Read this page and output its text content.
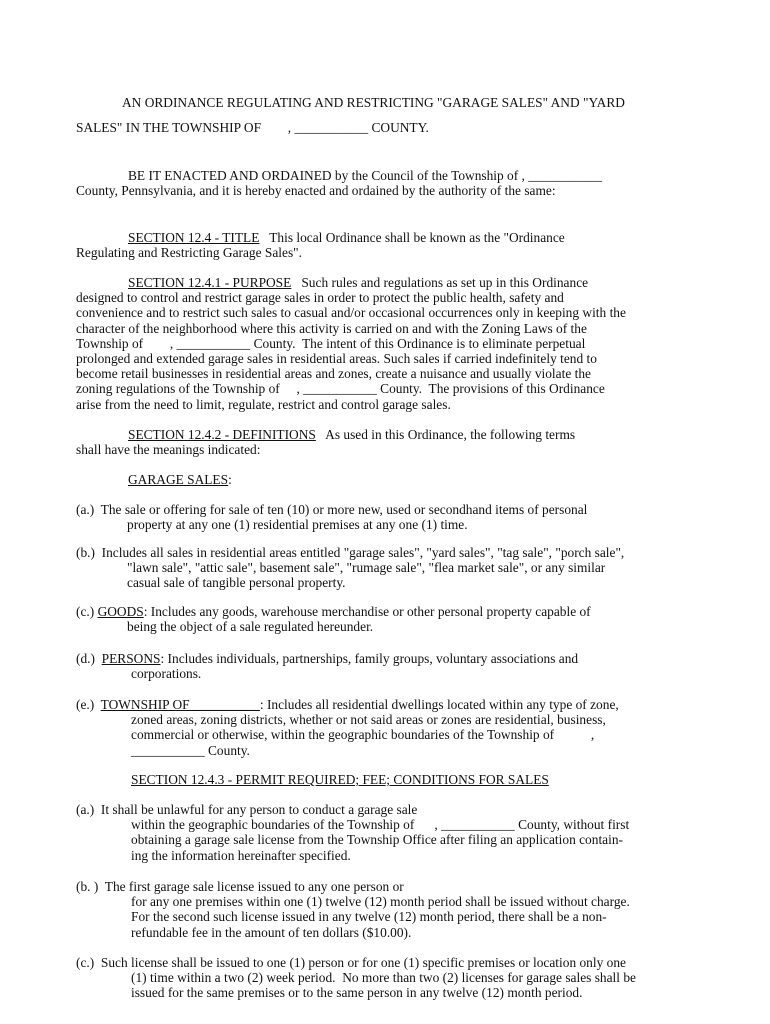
AN ORDINANCE REGULATING AND RESTRICTING "GARAGE SALES" AND "YARD
SALES" IN THE TOWNSHIP OF        , ___________ COUNTY.
BE IT ENACTED AND ORDAINED by the Council of the Township of , ___________
County, Pennsylvania, and it is hereby enacted and ordained by the authority of the same:
SECTION 12.4 - TITLE   This local Ordinance shall be known as the "Ordinance
Regulating and Restricting Garage Sales".
SECTION 12.4.1 - PURPOSE   Such rules and regulations as set up in this Ordinance
designed to control and restrict garage sales in order to protect the public health, safety and
convenience and to restrict such sales to casual and/or occasional occurrences only in keeping with the
character of the neighborhood where this activity is carried on and with the Zoning Laws of the
Township of        , ___________ County.  The intent of this Ordinance is to eliminate perpetual
prolonged and extended garage sales in residential areas. Such sales if carried indefinitely tend to
become retail businesses in residential areas and zones, create a nuisance and usually violate the
zoning regulations of the Township of     , ___________ County.  The provisions of this Ordinance
arise from the need to limit, regulate, restrict and control garage sales.
SECTION 12.4.2 - DEFINITIONS   As used in this Ordinance, the following terms
shall have the meanings indicated:
GARAGE SALES:
(a.)  The sale or offering for sale of ten (10) or more new, used or secondhand items of personal
property at any one (1) residential premises at any one (1) time.
(b.)  Includes all sales in residential areas entitled "garage sales", "yard sales", "tag sale", "porch sale",
"lawn sale", "attic sale", basement sale", "rumage sale", "flea market sale", or any similar
casual sale of tangible personal property.
(c.) GOODS: Includes any goods, warehouse merchandise or other personal property capable of
being the object of a sale regulated hereunder.
(d.)  PERSONS: Includes individuals, partnerships, family groups, voluntary associations and
corporations.
(e.)  TOWNSHIP OF __________: Includes all residential dwellings located within any type of zone,
zoned areas, zoning districts, whether or not said areas or zones are residential, business,
commercial or otherwise, within the geographic boundaries of the Township of           ,
___________ County.
SECTION 12.4.3 - PERMIT REQUIRED; FEE; CONDITIONS FOR SALES
(a.)  It shall be unlawful for any person to conduct a garage sale
within the geographic boundaries of the Township of      , ___________ County, without first
obtaining a garage sale license from the Township Office after filing an application contain-
ing the information hereinafter specified.
(b. )  The first garage sale license issued to any one person or
for any one premises within one (1) twelve (12) month period shall be issued without charge.
For the second such license issued in any twelve (12) month period, there shall be a non-
refundable fee in the amount of ten dollars ($10.00).
(c.)  Such license shall be issued to one (1) person or for one (1) specific premises or location only one
(1) time within a two (2) week period.  No more than two (2) licenses for garage sales shall be
issued for the same premises or to the same person in any twelve (12) month period.
